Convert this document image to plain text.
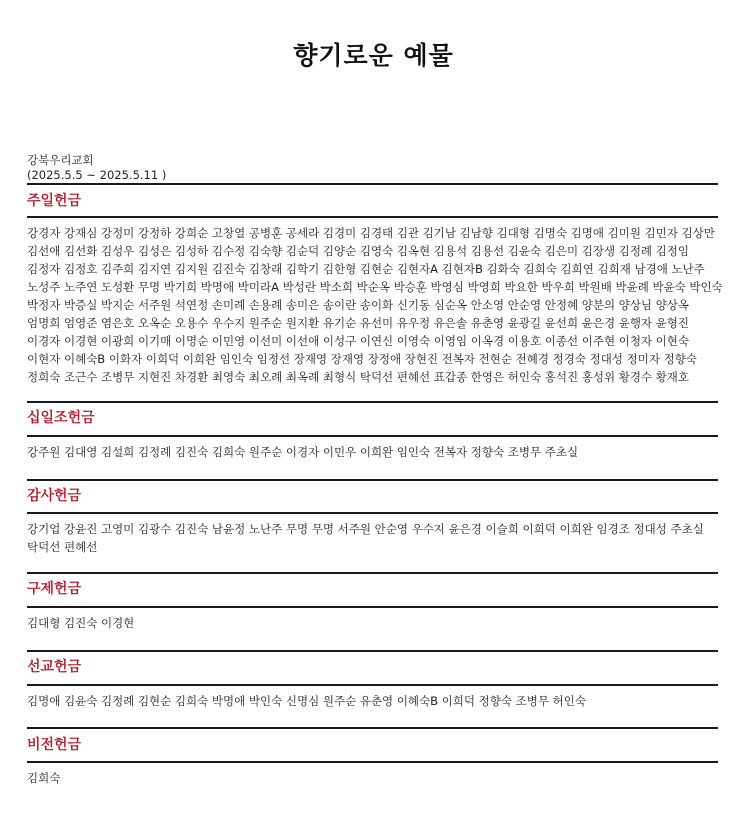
향기로운 예물
강북우리교회
(2025.5.5 ~ 2025.5.11 )
주일헌금
강경자 강재심 강정미 강정하 강희순 고창열 공병훈 공세라 김경미 김경태 김관 김기남 김남향 김대형 김명숙 김명애 김미원 김민자 김상만 김선애 김선화 김성우 김성은 김성하 김수정 김숙향 김순덕 김양순 김영숙 김옥현 김용석 김용선 김윤숙 김은미 김장생 김정례 김정임 김정자 김정호 김주희 김지연 김지원 김진숙 김창래 김학기 김한형 김현순 김현자A 김현자B 김화숙 김희숙 김희연 김희재 남경애 노난주 노성주 노주연 도성환 무명 박기희 박명애 박미라A 박성란 박소희 박순옥 박승훈 박영심 박영희 박요한 박우희 박원배 박윤례 박윤숙 박인숙 박정자 박증실 박지순 서주원 석연정 손미례 손용례 송미은 송이란 송이화 신기동 심순옥 안소영 안순영 안정혜 양분의 양상님 양상옥 엄명희 엄영준 염은호 오옥순 오용수 우수지 원주순 원지환 유기순 유선미 유우정 유은솔 유춘영 윤광길 윤선희 윤은경 윤행자 윤형진 이경자 이경현 이광희 이기매 이명순 이민영 이선미 이선애 이성구 이연신 이영숙 이영임 이옥경 이용호 이종선 이주현 이청자 이현숙 이현자 이혜숙B 이화자 이희덕 이희완 임인숙 임정선 장재영 장재영 장정애 장현진 전복자 전현순 전혜경 정경숙 정대성 정미자 정향숙 정희숙 조근수 조병무 지현진 차경환 최영숙 최오례 최옥례 최형식 탁덕선 편혜선 표갑종 한영은 허인숙 홍석진 홍성위 황경수 황재호
십일조헌금
강주원 김대영 김설희 김정례 김진숙 김희숙 원주순 이경자 이민우 이희완 임인숙 전복자 정향숙 조병무 주초실
감사헌금
강기업 강윤진 고영미 김광수 김진숙 남윤정 노난주 무명 무명 서주원 안순영 우수지 윤은경 이슬희 이희덕 이희완 임경조 정대성 주초실 탁덕선 편혜선
구제헌금
김대형 김진숙 이경현
선교헌금
김명애 김윤숙 김정례 김현순 김희숙 박명애 박인숙 신명심 원주순 유춘영 이혜숙B 이희덕 정향숙 조병무 허인숙
비전헌금
김희숙
